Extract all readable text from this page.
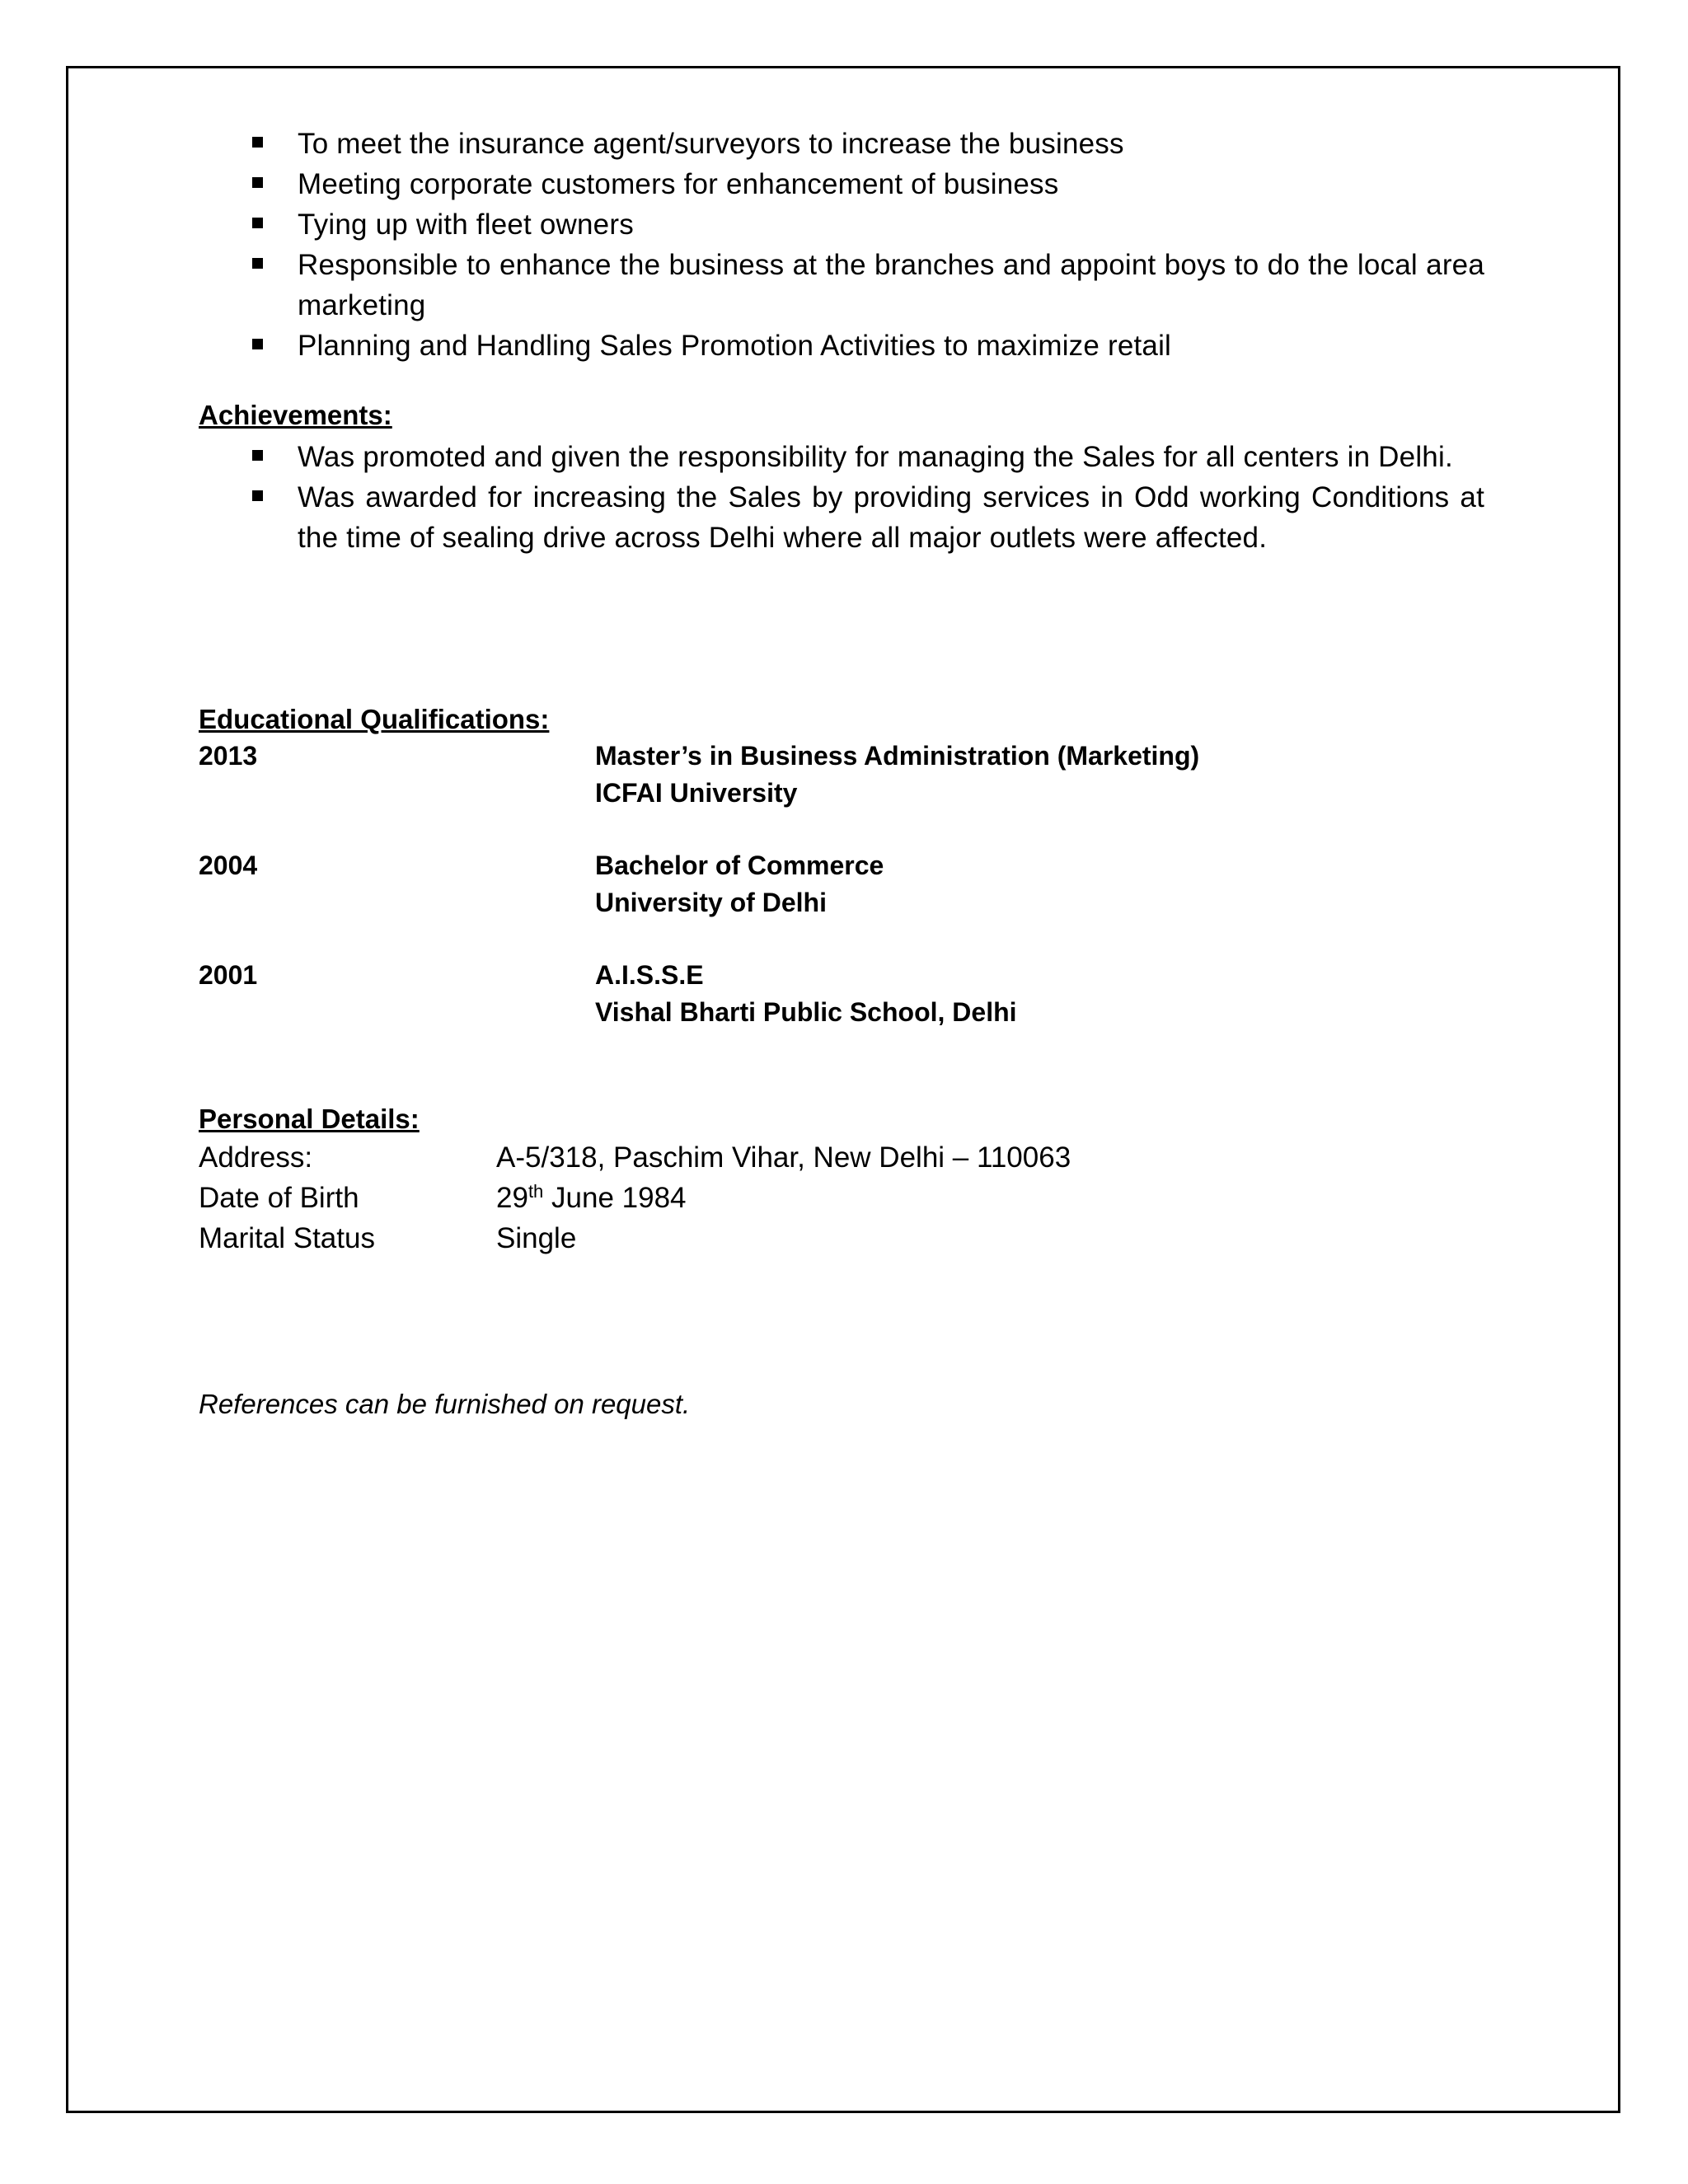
To meet the insurance agent/surveyors to increase the business
Meeting corporate customers for enhancement of business
Tying up with fleet owners
Responsible to enhance the business at the branches and appoint boys to do the local area marketing
Planning and Handling Sales Promotion Activities to maximize retail

Achievements:

Was promoted and given the responsibility for managing the Sales for all centers in Delhi.
Was awarded for increasing the Sales by providing services in Odd working Conditions at the time of sealing drive across Delhi where all major outlets were affected.

Educational Qualifications:

2013	Master’s in Business Administration (Marketing)
ICFAI University
2004	Bachelor of Commerce
University of Delhi
2001	A.I.S.S.E
Vishal Bharti Public School, Delhi

Personal Details:

Address:	A-5/318, Paschim Vihar, New Delhi – 110063
Date of Birth	29th June 1984
Marital Status	Single

References can be furnished on request.
